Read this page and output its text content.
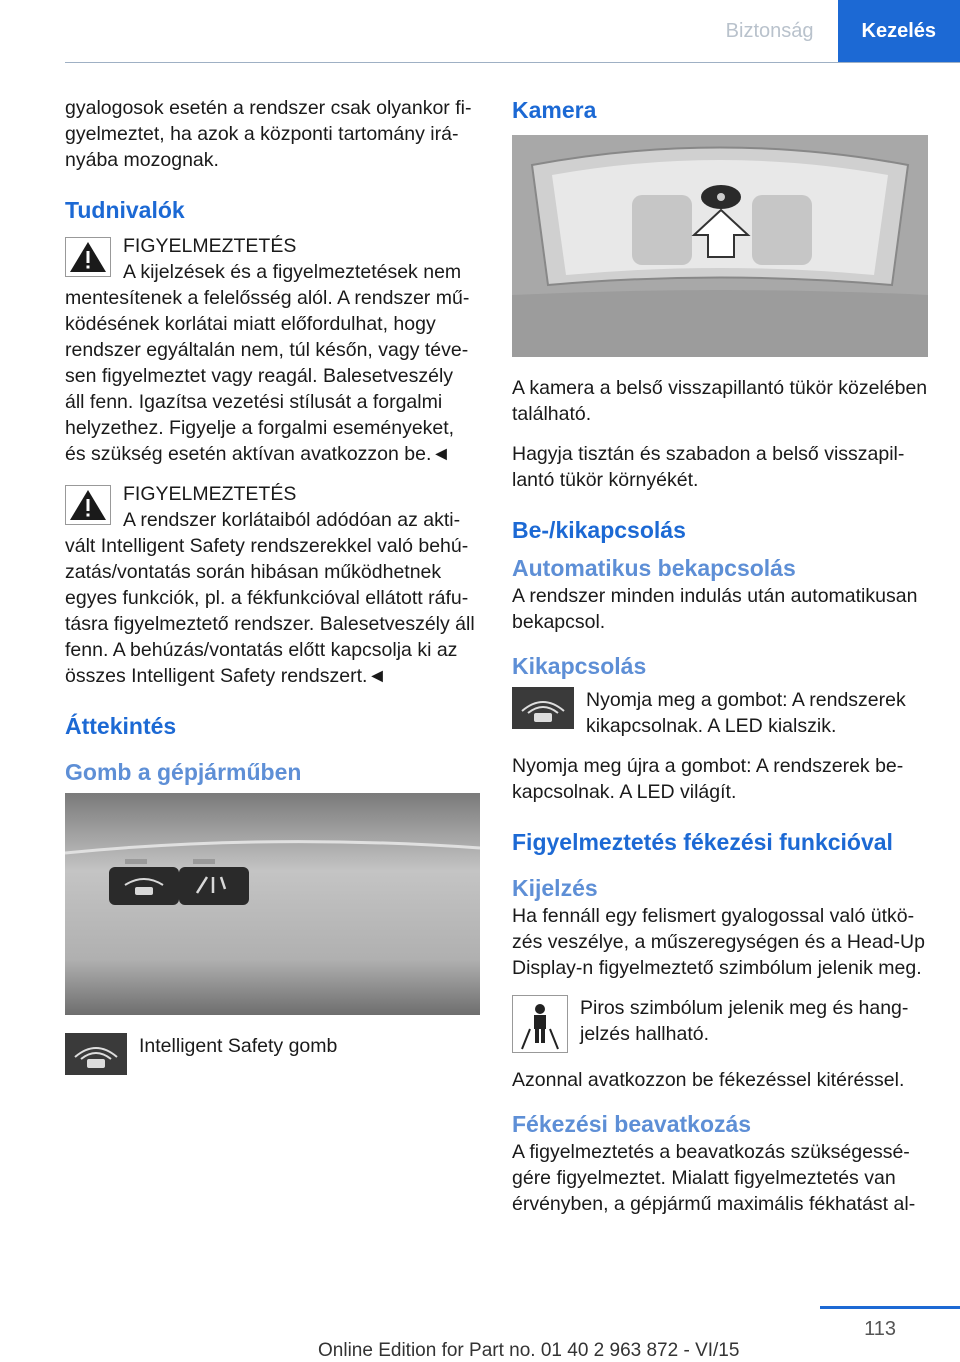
Biztonság	Kezelés

gyalogosok esetén a rendszer csak olyankor figyelmeztet, ha azok a központi tartomány irányába mozognak.

Tudnivalók

FIGYELMEZTETÉS

A kijelzések és a figyelmeztetések nem mentesítenek a felelősség alól. A rendszer működésének korlátai miatt előfordulhat, hogy rendszer egyáltalán nem, túl későn, vagy tévesen figyelmeztet vagy reagál. Balesetveszély áll fenn. Igazítsa vezetési stílusát a forgalmi helyzethez. Figyelje a forgalmi eseményeket, és szükség esetén aktívan avatkozzon be.◄

FIGYELMEZTETÉS

A rendszer korlátaiból adódóan az aktivált Intelligent Safety rendszerekkel való behúzatás/vontatás során hibásan működhetnek egyes funkciók, pl. a fékfunkcióval ellátott ráfutásra figyelmeztető rendszer. Balesetveszély áll fenn. A behúzás/vontatás előtt kapcsolja ki az összes Intelligent Safety rendszert.◄

Áttekintés
Gomb a gépjárműben

Intelligent Safety gomb

Kamera

A kamera a belső visszapillantó tükör közelében található.

Hagyja tisztán és szabadon a belső visszapillantó tükör környékét.

Be-/kikapcsolás
Automatikus bekapcsolás

A rendszer minden indulás után automatikusan bekapcsol.

Kikapcsolás

Nyomja meg a gombot: A rendszerek kikapcsolnak. A LED kialszik.

Nyomja meg újra a gombot: A rendszerek bekapcsolnak. A LED világít.

Figyelmeztetés fékezési funkcióval
Kijelzés

Ha fennáll egy felismert gyalogossal való ütközés veszélye, a műszeregységen és a Head-Up Display-n figyelmeztető szimbólum jelenik meg.

Piros szimbólum jelenik meg és hangjelzés hallható.

Azonnal avatkozzon be fékezéssel kitéréssel.

Fékezési beavatkozás

A figyelmeztetés a beavatkozás szükségességére figyelmeztet. Mialatt figyelmeztetés van érvényben, a gépjármű maximális fékhatást al-

113
Online Edition for Part no. 01 40 2 963 872 - VI/15
